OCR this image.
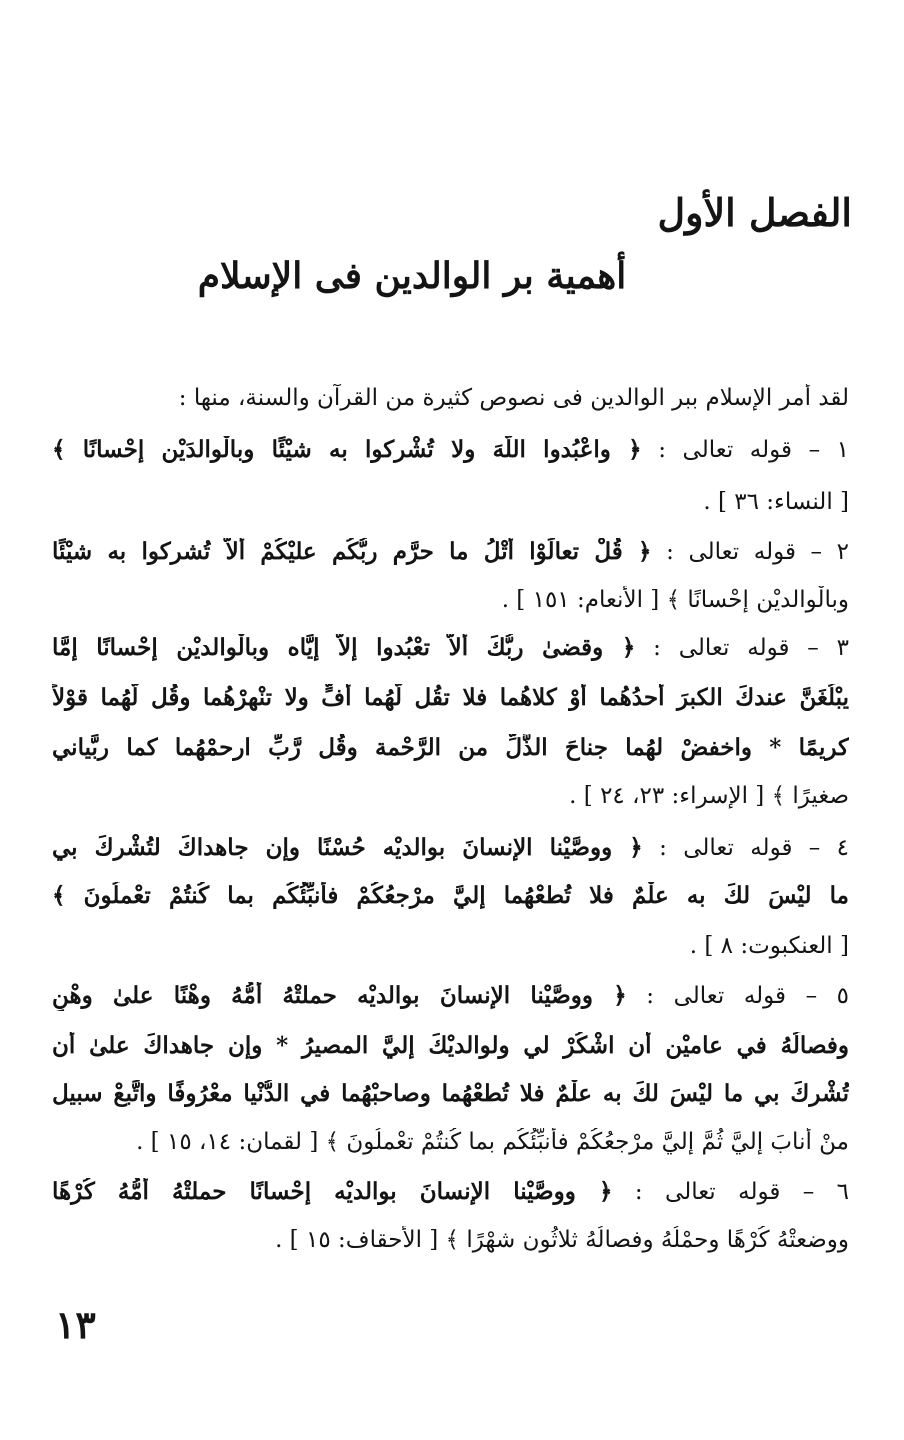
الفصل الأول
أهمية بر الوالدين فى الإسلام
لقد أمر الإسلام ببر الوالدين فى نصوص كثيرة من القرآن والسنة، منها :
١ – قوله تعالى : ﴿ واعْبُدوا اللَّهَ ولا تُشْركوا به شيْئًا وبالْوالدَيْن إحْسانًا ﴾
[ النساء: ٣٦ ] .
٢ – قوله تعالى : ﴿ قُلْ تعالَوْا أَتْلُ ما حرَّم ربُّكُم عليْكُمْ ألاَّ تُشركوا به شيْئًا
وبالْوالديْن إحْسانًا ﴾ [ الأنعام: ١٥١ ] .
٣ – قوله تعالى : ﴿ وقضىٰ ربُّكَ ألاَّ تعْبُدوا إلاَّ إيَّاه وبالْوالديْن إحْسانًا إمَّا
يبْلُغَنَّ عندكَ الكبرَ أحدُهُما أوْ كلاهُما فلا تقُل لَّهُما أُفٍّ ولا تنْهرْهُما وقُل لَّهُما قوْلاً
كريمًا * واخفضْ لهُما جناحَ الذُّلِّ من الرَّحْمة وقُل رَّبِّ ارحمْهُما كما ربَّياني
صغيرًا ﴾ [ الإسراء: ٢٣، ٢٤ ] .
٤ – قوله تعالى : ﴿ ووصَّيْنا الإنسانَ بوالديْه حُسْنًا وإن جاهداكَ لتُشْركَ بي
ما ليْسَ لكَ به علْمٌ فلا تُطعْهُما إليَّ مرْجعُكُمْ فأُنبِّئُكُم بما كُنتُمْ تعْملُونَ ﴾
[ العنكبوت: ٨ ] .
٥ – قوله تعالى : ﴿ ووصَّيْنا الإنسانَ بوالديْه حملتْهُ أُمُّهُ وهْنًا علىٰ وهْنٍ
وفصالُهُ في عاميْن أن اشْكُرْ لي ولوالديْكَ إليَّ المصيرُ * وإن جاهداكَ علىٰ أن
تُشْركَ بي ما ليْسَ لكَ به علْمٌ فلا تُطعْهُما وصاحبْهُما في الدُّنْيا معْرُوفًا واتَّبعْ سبيل
منْ أنابَ إليَّ ثُمَّ إليَّ مرْجعُكُمْ فأُنبِّئُكُم بما كُنتُمْ تعْملُونَ ﴾ [ لقمان: ١٤، ١٥ ] .
٦ – قوله تعالى : ﴿ ووصَّيْنا الإنسانَ بوالديْه إحْسانًا حملتْهُ أُمُّهُ كُرْهًا
ووضعتْهُ كُرْهًا وحمْلُهُ وفصالُهُ ثلاثُون شهْرًا ﴾ [ الأحقاف: ١٥ ] .
١٣
